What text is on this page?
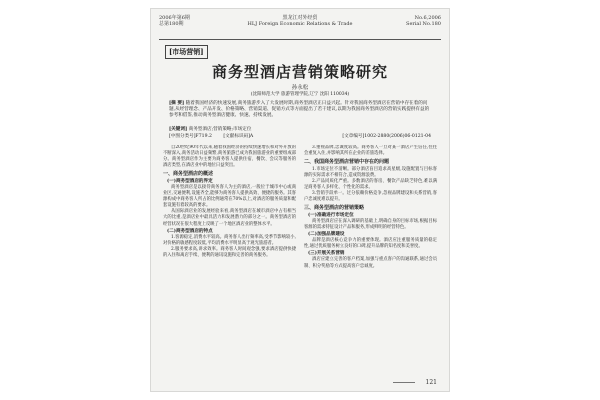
2006年第6期
总第180期
黑龙江对外经贸
HLJ Foreign Economic Relations & Trade
No.6,2006
Serial No.180
[市场营销]
商务型酒店营销策略研究
孙永松
(沈阳师范大学 旅游管理学院,辽宁 沈阳 110034)
[摘 要] 随着我国经济的快速发展,商务旅游步入了大发展时期,商务型酒店正日益兴起。针对我国商务型酒店在营销中存在着的问题,从经营理念、产品开发、价格策略、营销渠道、促销方式等方面提出了若干建议,以期为我国商务型酒店的营销实践提供有益的参考和借鉴,推动商务型酒店健康、快速、持续发展。
[关键词] 商务型酒店;营销策略;市场定位
[中图分类号]F719.2 [文献标识码]A	[文章编号]1002-2880(2006)06-0121-04

自20世纪90年代以来,随着我国经济的持续快速增长和对外开放的不断深入,商务活动日益频繁,商务旅游已成为我国旅游业的重要组成部分。商务型酒店作为主要为商务客人提供住宿、餐饮、会议等服务的酒店类型,在酒店业中的地位日益突出。

一、商务型酒店的概述

(一)商务型酒店的界定

商务型酒店是以接待商务客人为主的酒店,一般位于城市中心或商业区,交通便利,设施齐全,能够为商务客人提供高效、便捷的服务。其客源构成中商务客人所占的比例通常在70%以上,对酒店的服务质量和配套设施有着较高的要求。

从国际酒店业的发展经验来看,商务型酒店在城市酒店中占有相当大的比重,是酒店业中最具活力和发展潜力的部分之一。商务型酒店的经营状况在很大程度上反映了一个地区酒店业的整体水平。

(二)商务型酒店的特点

1.客源稳定,消费水平较高。商务客人出行频率高,受季节影响较小,对价格的敏感程度较低,平均消费水平明显高于观光旅游者。

2.服务要求高,讲求效率。商务客人时间观念强,要求酒店提供快捷的入住和离店手续、便利的通讯设施和完善的商务服务。

3.重视品牌,忠诚度较高。商务客人一旦对某一酒店产生信任,往往会重复入住,并影响其所在企业的差旅选择。

二、我国商务型酒店营销中存在的问题

1.市场定位不清晰。部分酒店盲目追求高星级,设施配置与目标客源的实际需求不相符合,造成资源浪费。

2.产品同质化严重。多数酒店的客房、餐饮产品缺乏特色,难以满足商务客人多样化、个性化的需求。

3.营销手段单一。过分依赖价格竞争,忽视品牌建设和关系营销,客户忠诚度难以提升。

三、商务型酒店的营销策略

(一)准确进行市场定位

商务型酒店应在深入调研的基础上,明确自身的目标市场,根据目标客源的需求特征设计产品和服务,形成鲜明的经营特色。

(二)加强品牌建设

品牌是酒店核心竞争力的重要体现。酒店应注重服务质量的稳定性,通过优质服务树立良好的口碑,提升品牌的知名度和美誉度。

(三)开展关系营销

酒店应建立完善的客户档案,加强与重点客户的沟通联系,通过会员制、积分奖励等方式提高客户忠诚度。

121
